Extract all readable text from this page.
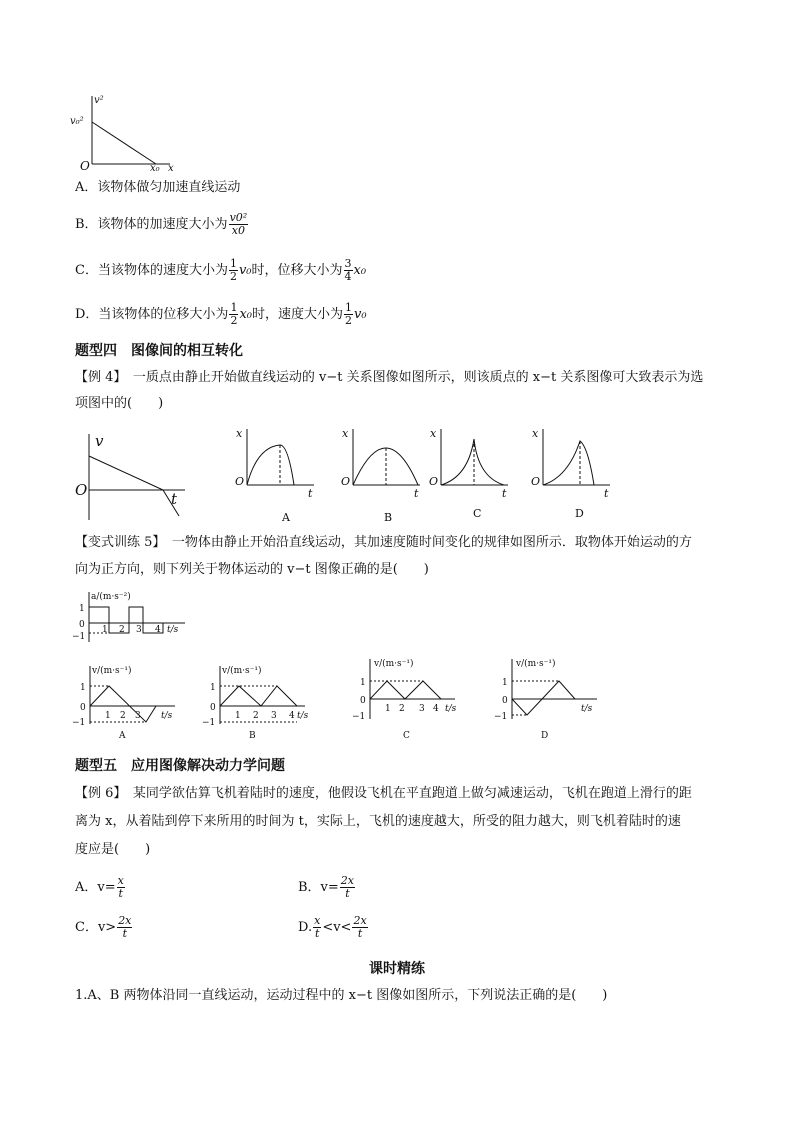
v²
v₀²
O	x₀ x
A．该物体做匀加速直线运动
B．该物体的加速度大小为 $\frac{\text{v0²}}{x0}$
C．当该物体的速度大小为 $\frac{1}{2} v_0$时，位移大小为 $\frac{3}{4} x_0$
D．当该物体的位移大小为 $\frac{1}{2} x_0$时，速度大小为 $\frac{1}{2} v_0$
题型四　图像间的相互转化
【例 4】　一质点由静止开始做直线运动的 v−t 关系图像如图所示，则该质点的 x−t 关系图像可大致表示为选
项图中的(　　)
v
O	t
x
O
t
A
x
O
t
B
x
O
t
C
x
O
t
D
【变式训练 5】　一物体由静止开始沿直线运动，其加速度随时间变化的规律如图所示．取物体开始运动的方
向为正方向，则下列关于物体运动的 v−t 图像正确的是(　　)
a/(m·s⁻²)
1
0
−1
1 2 3 4 t/s
v/(m·s⁻¹)
1
0
−1
1 2 3 t/s
A
v/(m·s⁻¹)
1
0
−1
1 2 3 4 t/s
B
v/(m·s⁻¹)
1
0
−1
1 2 3 4 t/s
C
v/(m·s⁻¹)
1
0
−1
t/s
D
题型五　应用图像解决动力学问题
【例 6】　某同学欲估算飞机着陆时的速度，他假设飞机在平直跑道上做匀减速运动，飞机在跑道上滑行的距
离为 x，从着陆到停下来所用的时间为 t，实际上，飞机的速度越大，所受的阻力越大，则飞机着陆时的速
度应是(　　)
A．$v= \frac{x}{t}$	B．$v= \frac{2x}{t}$
C．$v> \frac{2x}{t}$	D. $\frac{x}{t} <v< \frac{2x}{t}$
课时精练
1.A、B 两物体沿同一直线运动，运动过程中的 x−t 图像如图所示，下列说法正确的是(　　)
